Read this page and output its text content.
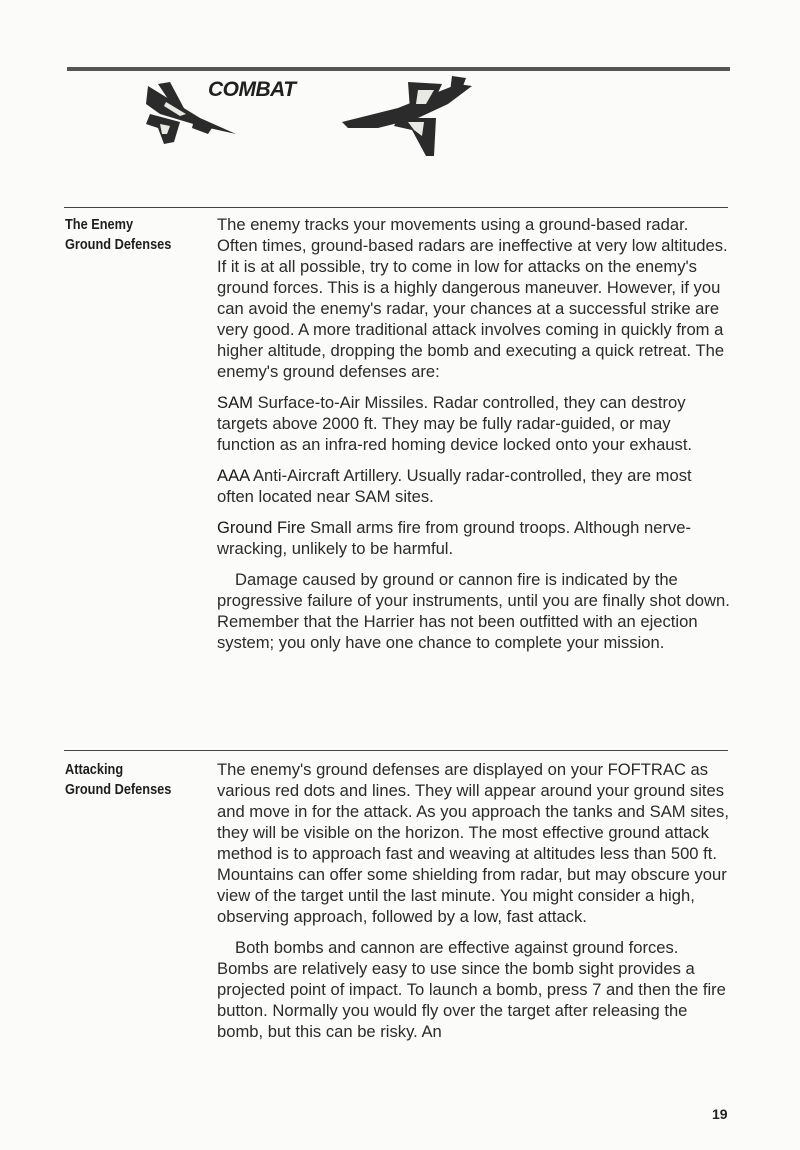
COMBAT
The Enemy
Ground Defenses

The enemy tracks your movements using a ground-based radar. Often times, ground-based radars are ineffective at very low altitudes. If it is at all possible, try to come in low for attacks on the enemy's ground forces. This is a highly dangerous maneuver. However, if you can avoid the enemy's radar, your chances at a successful strike are very good. A more traditional attack involves coming in quickly from a higher altitude, dropping the bomb and executing a quick retreat. The enemy's ground defenses are:

SAM Surface-to-Air Missiles. Radar controlled, they can destroy targets above 2000 ft. They may be fully radar-guided, or may function as an infra-red homing device locked onto your exhaust.

AAA Anti-Aircraft Artillery. Usually radar-controlled, they are most often located near SAM sites.

Ground Fire Small arms fire from ground troops. Although nerve-wracking, unlikely to be harmful.

Damage caused by ground or cannon fire is indicated by the progressive failure of your instruments, until you are finally shot down. Remember that the Harrier has not been outfitted with an ejection system; you only have one chance to complete your mission.

Attacking
Ground Defenses

The enemy's ground defenses are displayed on your FOFTRAC as various red dots and lines. They will appear around your ground sites and move in for the attack. As you approach the tanks and SAM sites, they will be visible on the horizon. The most effective ground attack method is to approach fast and weaving at altitudes less than 500 ft. Mountains can offer some shielding from radar, but may obscure your view of the target until the last minute. You might consider a high, observing approach, followed by a low, fast attack.

Both bombs and cannon are effective against ground forces. Bombs are relatively easy to use since the bomb sight provides a projected point of impact. To launch a bomb, press 7 and then the fire button. Normally you would fly over the target after releasing the bomb, but this can be risky. An

19
